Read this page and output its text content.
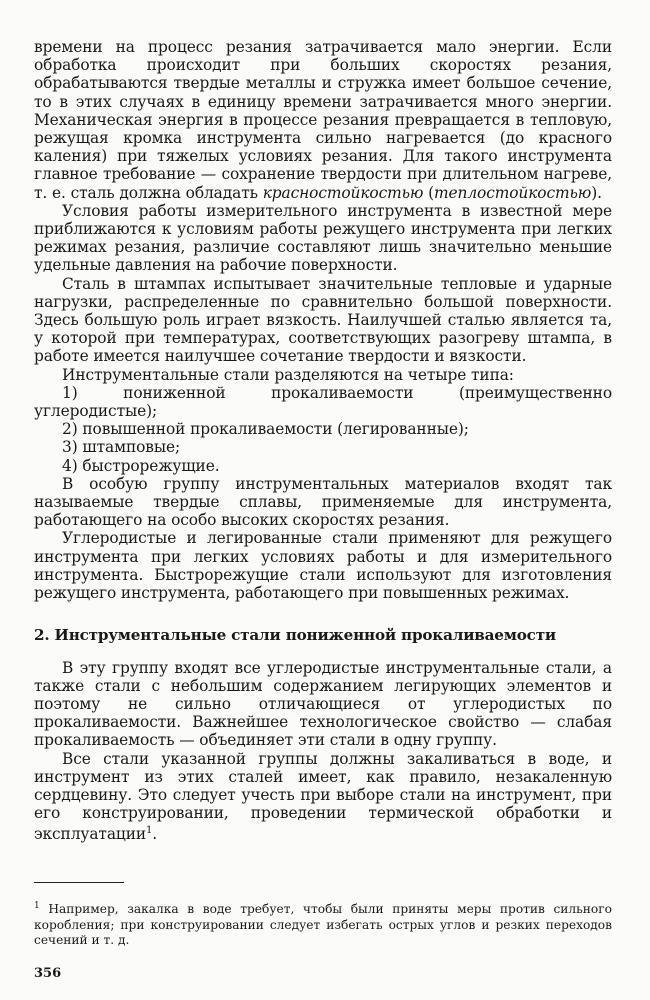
времени на процесс резания затрачивается мало энергии. Если обработка происходит при больших скоростях резания, обрабатываются твердые металлы и стружка имеет большое сечение, то в этих случаях в единицу времени затрачивается много энергии. Механическая энергия в процессе резания превращается в тепловую, режущая кромка инструмента сильно нагревается (до красного каления) при тяжелых условиях резания. Для такого инструмента главное требование — сохранение твердости при длительном нагреве, т. е. сталь должна обладать красностойкостью (теплостойкостью).

Условия работы измерительного инструмента в известной мере приближаются к условиям работы режущего инструмента при легких режимах резания, различие составляют лишь значительно меньшие удельные давления на рабочие поверхности.

Сталь в штампах испытывает значительные тепловые и ударные нагрузки, распределенные по сравнительно большой поверхности. Здесь большую роль играет вязкость. Наилучшей сталью является та, у которой при температурах, соответствующих разогреву штампа, в работе имеется наилучшее сочетание твердости и вязкости.

Инструментальные стали разделяются на четыре типа:

1) пониженной прокаливаемости (преимущественно углеродистые);

2) повышенной прокаливаемости (легированные);

3) штамповые;

4) быстрорежущие.

В особую группу инструментальных материалов входят так называемые твердые сплавы, применяемые для инструмента, работающего на особо высоких скоростях резания.

Углеродистые и легированные стали применяют для режущего инструмента при легких условиях работы и для измерительного инструмента. Быстрорежущие стали используют для изготовления режущего инструмента, работающего при повышенных режимах.

2. Инструментальные стали пониженной прокаливаемости

В эту группу входят все углеродистые инструментальные стали, а также стали с небольшим содержанием легирующих элементов и поэтому не сильно отличающиеся от углеродистых по прокаливаемости. Важнейшее технологическое свойство — слабая прокаливаемость — объединяет эти стали в одну группу.

Все стали указанной группы должны закаливаться в воде, и инструмент из этих сталей имеет, как правило, незакаленную сердцевину. Это следует учесть при выборе стали на инструмент, при его конструировании, проведении термической обработки и эксплуатации$^1$.

$^1$ Например, закалка в воде требует, чтобы были приняты меры против сильного коробления; при конструировании следует избегать острых углов и резких переходов сечений и т. д.

356
